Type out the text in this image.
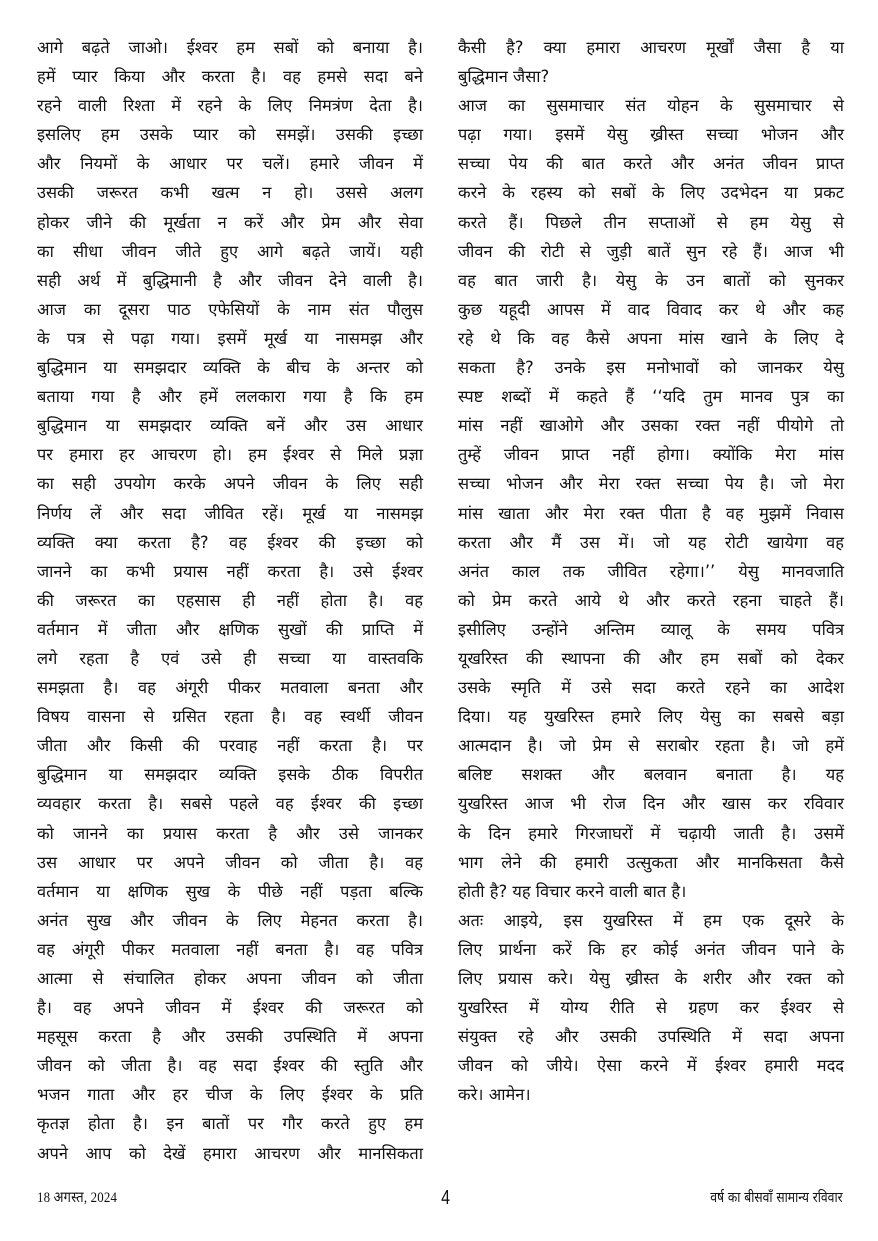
आगे बढ़ते जाओ। ईश्वर हम सबों को बनाया है।
हमें प्यार किया और करता है। वह हमसे सदा बने
रहने वाली रिश्ता में रहने के लिए निमत्रंण देता है।
इसलिए हम उसके प्यार को समझें। उसकी इच्छा
और नियमों के आधार पर चलें। हमारे जीवन में
उसकी जरूरत कभी खत्म न हो। उससे अलग
होकर जीने की मूर्खता न करें और प्रेम और सेवा
का सीधा जीवन जीते हुए आगे बढ़ते जायें। यही
सही अर्थ में बुद्धिमानी है और जीवन देने वाली है।
आज का दूसरा पाठ एफेसियों के नाम संत पौलुस
के पत्र से पढ़ा गया। इसमें मूर्ख या नासमझ और
बुद्धिमान या समझदार व्यक्ति के बीच के अन्तर को
बताया गया है और हमें ललकारा गया है कि हम
बुद्धिमान या समझदार व्यक्ति बनें और उस आधार
पर हमारा हर आचरण हो। हम ईश्वर से मिले प्रज्ञा
का सही उपयोग करके अपने जीवन के लिए सही
निर्णय लें और सदा जीवित रहें। मूर्ख या नासमझ
व्यक्ति क्या करता है? वह ईश्वर की इच्छा को
जानने का कभी प्रयास नहीं करता है। उसे ईश्वर
की जरूरत का एहसास ही नहीं होता है। वह
वर्तमान में जीता और क्षणिक सुखों की प्राप्ति में
लगे रहता है एवं उसे ही सच्चा या वास्तवकि
समझता है। वह अंगूरी पीकर मतवाला बनता और
विषय वासना से ग्रसित रहता है। वह स्वर्थी जीवन
जीता और किसी की परवाह नहीं करता है। पर
बुद्धिमान या समझदार व्यक्ति इसके ठीक विपरीत
व्यवहार करता है। सबसे पहले वह ईश्वर की इच्छा
को जानने का प्रयास करता है और उसे जानकर
उस आधार पर अपने जीवन को जीता है। वह
वर्तमान या क्षणिक सुख के पीछे नहीं पड़ता बल्कि
अनंत सुख और जीवन के लिए मेहनत करता है।
वह अंगूरी पीकर मतवाला नहीं बनता है। वह पवित्र
आत्मा से संचालित होकर अपना जीवन को जीता
है। वह अपने जीवन में ईश्वर की जरूरत को
महसूस करता है और उसकी उपस्थिति में अपना
जीवन को जीता है। वह सदा ईश्वर की स्तुति और
भजन गाता और हर चीज के लिए ईश्वर के प्रति
कृतज्ञ होता है। इन बातों पर गौर करते हुए हम
अपने आप को देखें हमारा आचरण और मानसिकता
कैसी है? क्या हमारा आचरण मूर्खों जैसा है या
बुद्धिमान जैसा?
आज का सुसमाचार संत योहन के सुसमाचार से
पढ़ा गया। इसमें येसु ख्रीस्त सच्चा भोजन और
सच्चा पेय की बात करते और अनंत जीवन प्राप्त
करने के रहस्य को सबों के लिए उदभेदन या प्रकट
करते हैं। पिछले तीन सप्ताओं से हम येसु से
जीवन की रोटी से जुड़ी बातें सुन रहे हैं। आज भी
वह बात जारी है। येसु के उन बातों को सुनकर
कुछ यहूदी आपस में वाद विवाद कर थे और कह
रहे थे कि वह कैसे अपना मांस खाने के लिए दे
सकता है? उनके इस मनोभावों को जानकर येसु
स्पष्ट शब्दों में कहते हैं ‘‘यदि तुम मानव पुत्र का
मांस नहीं खाओगे और उसका रक्त नहीं पीयोगे तो
तुम्हें जीवन प्राप्त नहीं होगा। क्योंकि मेरा मांस
सच्चा भोजन और मेरा रक्त सच्चा पेय है। जो मेरा
मांस खाता और मेरा रक्त पीता है वह मुझमें निवास
करता और मैं उस में। जो यह रोटी खायेगा वह
अनंत काल तक जीवित रहेगा।’’ येसु मानवजाति
को प्रेम करते आये थे और करते रहना चाहते हैं।
इसीलिए उन्होंने अन्तिम व्यालू के समय पवित्र
यूखरिस्त की स्थापना की और हम सबों को देकर
उसके स्मृति में उसे सदा करते रहने का आदेश
दिया। यह युखरिस्त हमारे लिए येसु का सबसे बड़ा
आत्मदान है। जो प्रेम से सराबोर रहता है। जो हमें
बलिष्ट सशक्त और बलवान बनाता है। यह
युखरिस्त आज भी रोज दिन और खास कर रविवार
के दिन हमारे गिरजाघरों में चढ़ायी जाती है। उसमें
भाग लेने की हमारी उत्सुकता और मानकिसता कैसे
होती है? यह विचार करने वाली बात है।
अतः आइये, इस युखरिस्त में हम एक दूसरे के
लिए प्रार्थना करें कि हर कोई अनंत जीवन पाने के
लिए प्रयास करे। येसु ख्रीस्त के शरीर और रक्त को
युखरिस्त में योग्य रीति से ग्रहण कर ईश्वर से
संयुक्त रहे और उसकी उपस्थिति में सदा अपना
जीवन को जीये। ऐसा करने में ईश्वर हमारी मदद
करे। आमेन।
18 अगस्त, 2024	4	वर्ष का बीसवाँ सामान्य रविवार
